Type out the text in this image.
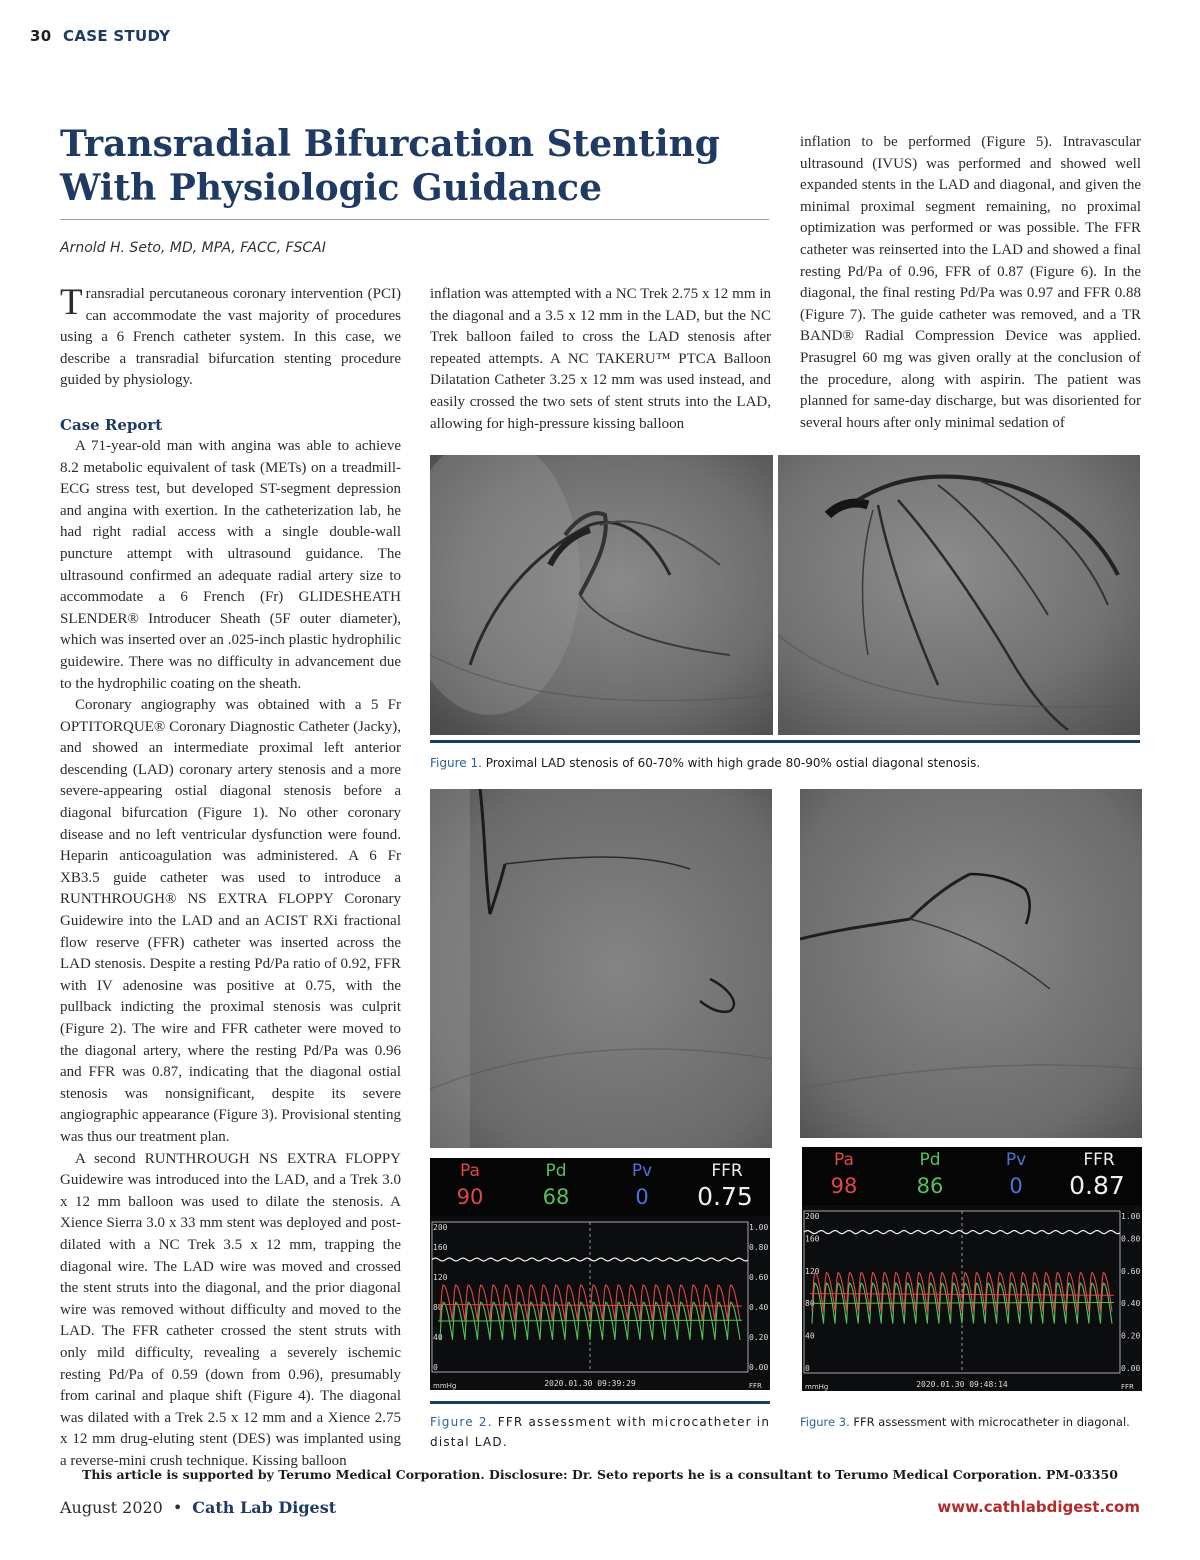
30 CASE STUDY
Transradial Bifurcation Stenting With Physiologic Guidance
Arnold H. Seto, MD, MPA, FACC, FSCAI

Transradial percutaneous coronary intervention (PCI) can accommodate the vast majority of procedures using a 6 French catheter system. In this case, we describe a transradial bifurcation stenting procedure guided by physiology.

Case Report

A 71-year-old man with angina was able to achieve 8.2 metabolic equivalent of task (METs) on a treadmill-ECG stress test, but developed ST-segment depression and angina with exertion. In the catheterization lab, he had right radial access with a single double-wall puncture attempt with ultrasound guidance. The ultrasound confirmed an adequate radial artery size to accommodate a 6 French (Fr) GLIDESHEATH SLENDER® Introducer Sheath (5F outer diameter), which was inserted over an .025-inch plastic hydrophilic guidewire. There was no difficulty in advancement due to the hydrophilic coating on the sheath.

Coronary angiography was obtained with a 5 Fr OPTITORQUE® Coronary Diagnostic Catheter (Jacky), and showed an intermediate proximal left anterior descending (LAD) coronary artery stenosis and a more severe-appearing ostial diagonal stenosis before a diagonal bifurcation (Figure 1). No other coronary disease and no left ventricular dysfunction were found. Heparin anticoagulation was administered. A 6 Fr XB3.5 guide catheter was used to introduce a RUNTHROUGH® NS EXTRA FLOPPY Coronary Guidewire into the LAD and an ACIST RXi fractional flow reserve (FFR) catheter was inserted across the LAD stenosis. Despite a resting Pd/Pa ratio of 0.92, FFR with IV adenosine was positive at 0.75, with the pullback indicting the proximal stenosis was culprit (Figure 2). The wire and FFR catheter were moved to the diagonal artery, where the resting Pd/Pa was 0.96 and FFR was 0.87, indicating that the diagonal ostial stenosis was nonsignificant, despite its severe angiographic appearance (Figure 3). Provisional stenting was thus our treatment plan.

A second RUNTHROUGH NS EXTRA FLOPPY Guidewire was introduced into the LAD, and a Trek 3.0 x 12 mm balloon was used to dilate the stenosis. A Xience Sierra 3.0 x 33 mm stent was deployed and post-dilated with a NC Trek 3.5 x 12 mm, trapping the diagonal wire. The LAD wire was moved and crossed the stent struts into the diagonal, and the prior diagonal wire was removed without difficulty and moved to the LAD. The FFR catheter crossed the stent struts with only mild difficulty, revealing a severely ischemic resting Pd/Pa of 0.59 (down from 0.96), presumably from carinal and plaque shift (Figure 4). The diagonal was dilated with a Trek 2.5 x 12 mm and a Xience 2.75 x 12 mm drug-eluting stent (DES) was implanted using a reverse-mini crush technique. Kissing balloon

inflation was attempted with a NC Trek 2.75 x 12 mm in the diagonal and a 3.5 x 12 mm in the LAD, but the NC Trek balloon failed to cross the LAD stenosis after repeated attempts. A NC TAKERU™ PTCA Balloon Dilatation Catheter 3.25 x 12 mm was used instead, and easily crossed the two sets of stent struts into the LAD, allowing for high-pressure kissing balloon

inflation to be performed (Figure 5). Intravascular ultrasound (IVUS) was performed and showed well expanded stents in the LAD and diagonal, and given the minimal proximal segment remaining, no proximal optimization was performed or was possible. The FFR catheter was reinserted into the LAD and showed a final resting Pd/Pa of 0.96, FFR of 0.87 (Figure 6). In the diagonal, the final resting Pd/Pa was 0.97 and FFR 0.88 (Figure 7). The guide catheter was removed, and a TR BAND® Radial Compression Device was applied. Prasugrel 60 mg was given orally at the conclusion of the procedure, along with aspirin. The patient was planned for same-day discharge, but was disoriented for several hours after only minimal sedation of

Figure 1. Proximal LAD stenosis of 60-70% with high grade 80-90% ostial diagonal stenosis.
Pa	Pd	Pv	FFR
90	68	0	0.75
200	1.00
160	0.80
120	0.60
80	0.40
40	0.20
0	0.00
mmHg	FFR
2020.01.30 09:39:29
Figure 2. FFR assessment with microcatheter in distal LAD.
Pa	Pd	Pv	FFR
98	86	0	0.87
200	1.00
160	0.80
120	0.60
80	0.40
40	0.20
0	0.00
mmHg	FFR
2020.01.30 09:48:14
Figure 3. FFR assessment with microcatheter in diagonal.
This article is supported by Terumo Medical Corporation. Disclosure: Dr. Seto reports he is a consultant to Terumo Medical Corporation. PM-03350
August 2020 • Cath Lab Digest	www.cathlabdigest.com
